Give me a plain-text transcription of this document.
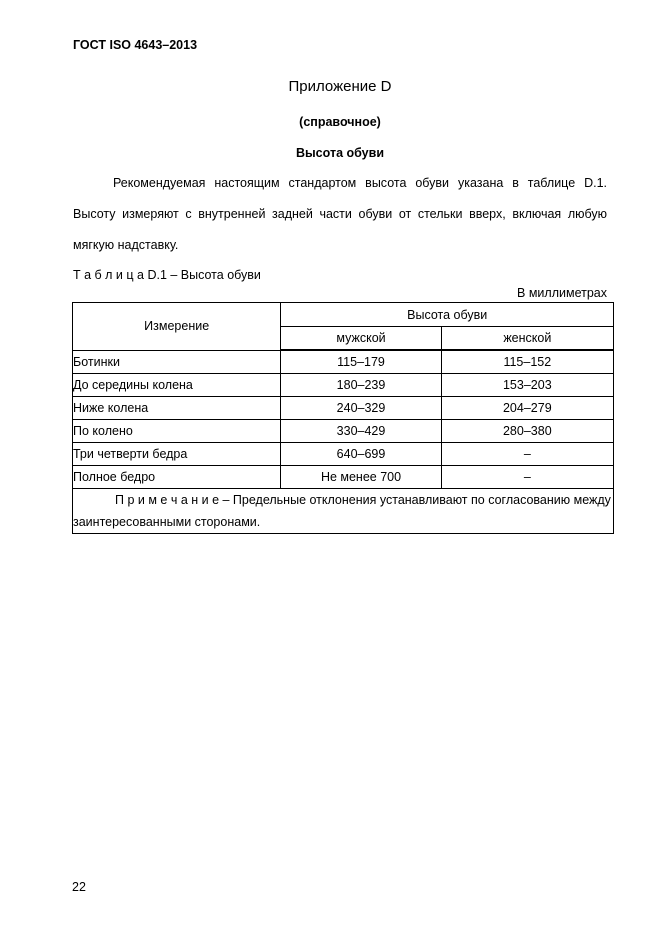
ГОСТ ISO 4643–2013
Приложение D
(справочное)
Высота обуви
Рекомендуемая настоящим стандартом высота обуви указана в таблице D.1.
Высоту измеряют с внутренней задней части обуви от стельки вверх, включая любую
мягкую надставку.
Т а б л и ц а D.1 – Высота обуви
В миллиметрах
Измерение	Высота обуви	
	мужской	женской
Ботинки	115–179	115–152
До середины колена	180–239	153–203
Ниже колена	240–329	204–279
По колено	330–429	280–380
Три четверти бедра	640–699	–
Полное бедро	Не менее 700	–
П р и м е ч а н и е – Предельные отклонения устанавливают по согласованию между заинтересованными сторонами.		
22
